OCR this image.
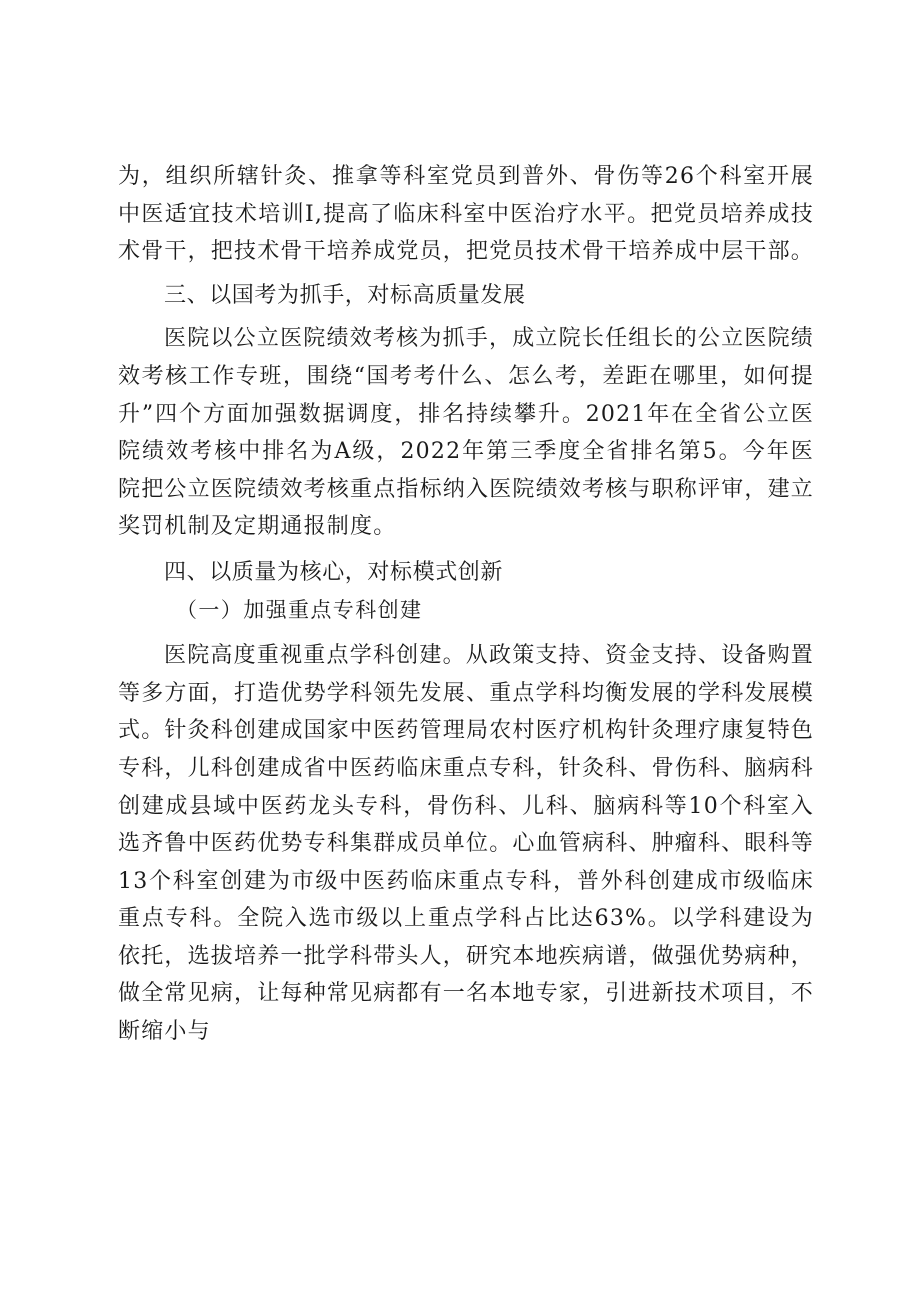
为，组织所辖针灸、推拿等科室党员到普外、骨伤等26个科室开展中医适宜技术培训I,提高了临床科室中医治疗水平。把党员培养成技术骨干，把技术骨干培养成党员，把党员技术骨干培养成中层干部。

三、以国考为抓手，对标高质量发展

医院以公立医院绩效考核为抓手，成立院长任组长的公立医院绩效考核工作专班，围绕“国考考什么、怎么考，差距在哪里，如何提升”四个方面加强数据调度，排名持续攀升。2021年在全省公立医院绩效考核中排名为A级，2022年第三季度全省排名第5。今年医院把公立医院绩效考核重点指标纳入医院绩效考核与职称评审，建立奖罚机制及定期通报制度。

四、以质量为核心，对标模式创新

（一）加强重点专科创建

医院高度重视重点学科创建。从政策支持、资金支持、设备购置等多方面，打造优势学科领先发展、重点学科均衡发展的学科发展模式。针灸科创建成国家中医药管理局农村医疗机构针灸理疗康复特色专科，儿科创建成省中医药临床重点专科，针灸科、骨伤科、脑病科创建成县域中医药龙头专科，骨伤科、儿科、脑病科等10个科室入选齐鲁中医药优势专科集群成员单位。心血管病科、肿瘤科、眼科等13个科室创建为市级中医药临床重点专科，普外科创建成市级临床重点专科。全院入选市级以上重点学科占比达63%。以学科建设为依托，选拔培养一批学科带头人，研究本地疾病谱，做强优势病种，做全常见病，让每种常见病都有一名本地专家，引进新技术项目，不断缩小与
